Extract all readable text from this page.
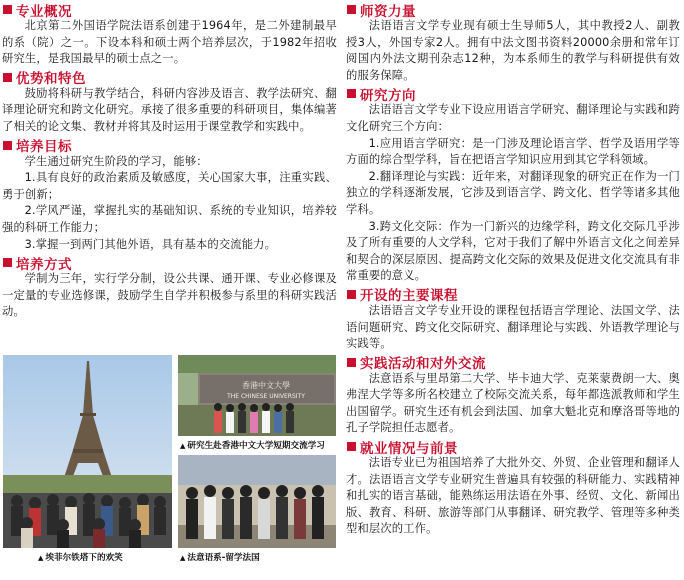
专业概况

北京第二外国语学院法语系创建于1964年，是二外建制最早的系（院）之一。下设本科和硕士两个培养层次，于1982年招收研究生，是我国最早的硕士点之一。

优势和特色

鼓励将科研与教学结合，科研内容涉及语言、教学法研究、翻译理论研究和跨文化研究。承接了很多重要的科研项目，集体编著了相关的论文集、教材并将其及时运用于课堂教学和实践中。

培养目标

学生通过研究生阶段的学习，能够：

1.具有良好的政治素质及敏感度，关心国家大事，注重实践、勇于创新；

2.学风严谨，掌握扎实的基础知识、系统的专业知识，培养较强的科研工作能力；

3.掌握一到两门其他外语，具有基本的交流能力。

培养方式

学制为三年，实行学分制，设公共课、通开课、专业必修课及一定量的专业选修课，鼓励学生自学并积极参与系里的科研实践活动。

▲ 埃菲尔铁塔下的欢笑
香港中文大學
THE CHINESE UNIVERSITY
▲ 研究生赴香港中文大学短期交流学习
▲ 法意语系-留学法国
师资力量

法语语言文学专业现有硕士生导师5人，其中教授2人、副教授3人，外国专家2人。拥有中法文图书资料20000余册和常年订阅国内外法文期刊杂志12种，为本系师生的教学与科研提供有效的服务保障。

研究方向

法语语言文学专业下设应用语言学研究、翻译理论与实践和跨文化研究三个方向：

1.应用语言学研究：是一门涉及理论语言学、哲学及语用学等方面的综合型学科，旨在把语言学知识应用到其它学科领域。

2.翻译理论与实践：近年来，对翻译现象的研究正在作为一门独立的学科逐渐发展，它涉及到语言学、跨文化、哲学等诸多其他学科。

3.跨文化交际：作为一门新兴的边缘学科，跨文化交际几乎涉及了所有重要的人文学科，它对于我们了解中外语言文化之间差异和契合的深层原因、提高跨文化交际的效果及促进文化交流具有非常重要的意义。

开设的主要课程

法语语言文学专业开设的课程包括语言学理论、法国文学、法语问题研究、跨文化交际研究、翻译理论与实践、外语教学理论与实践等。

实践活动和对外交流

法意语系与里昂第二大学、毕卡迪大学、克莱蒙费朗一大、奥弗涅大学等多所名校建立了校际交流关系，每年都选派教师和学生出国留学。研究生还有机会到法国、加拿大魁北克和摩洛哥等地的孔子学院担任志愿者。

就业情况与前景

法语专业已为祖国培养了大批外交、外贸、企业管理和翻译人才。法语语言文学专业研究生普遍具有较强的科研能力、实践精神和扎实的语言基础，能熟练运用法语在外事、经贸、文化、新闻出版、教育、科研、旅游等部门从事翻译、研究教学、管理等多种类型和层次的工作。
